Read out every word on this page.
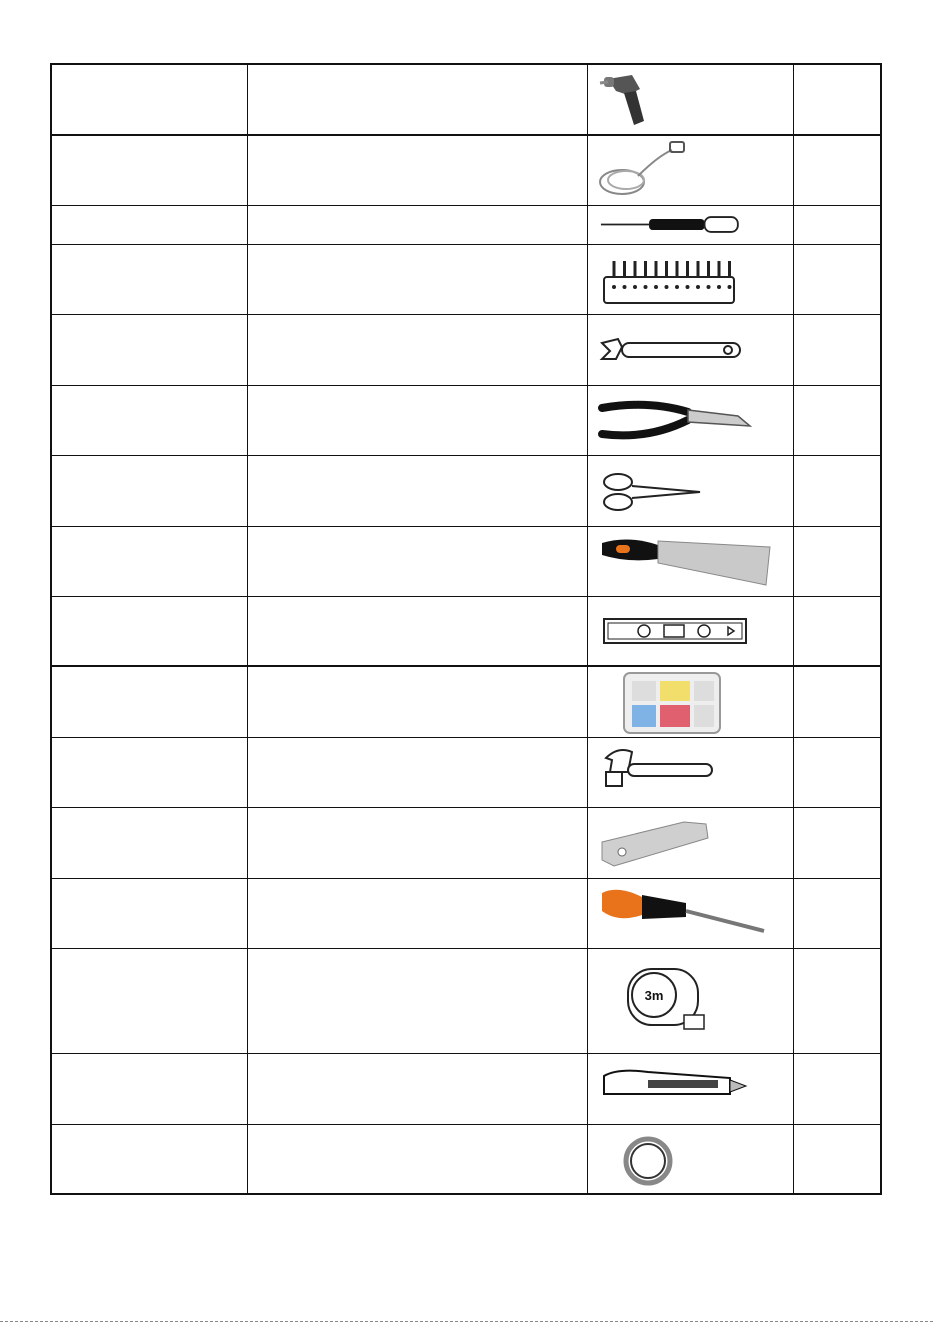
3m	
